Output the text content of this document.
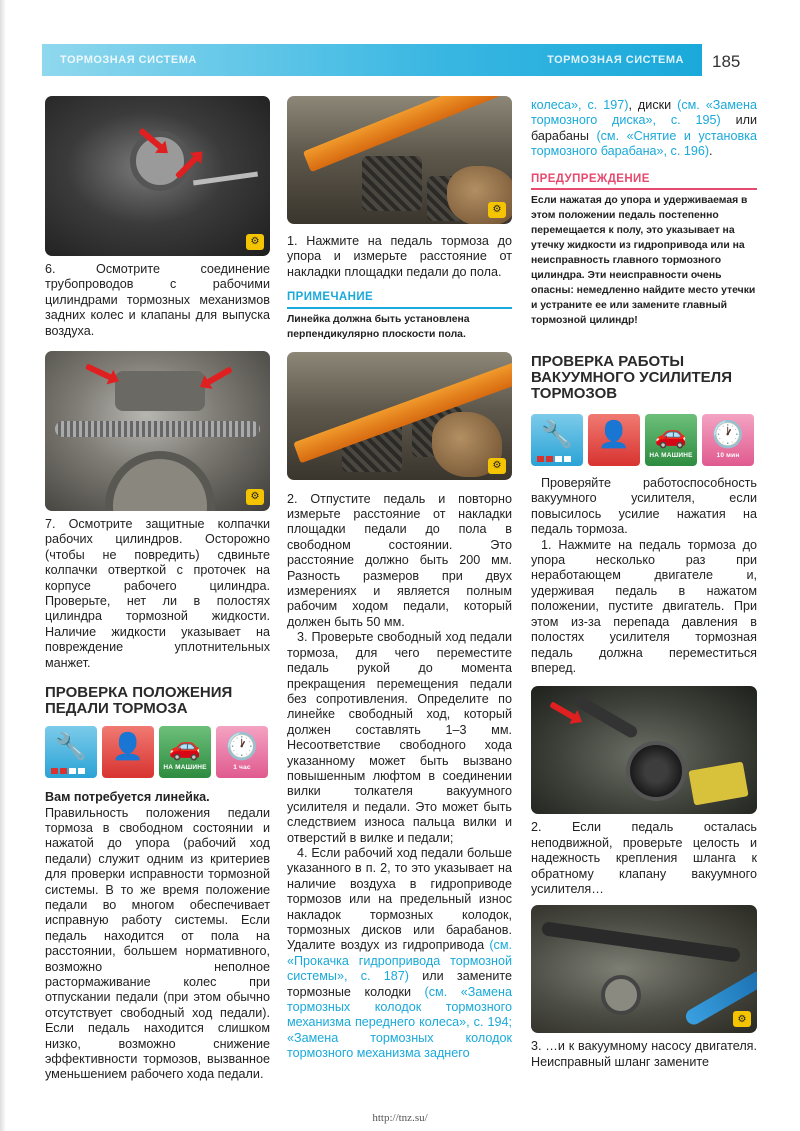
ТОРМОЗНАЯ СИСТЕМА	ТОРМОЗНАЯ СИСТЕМА 185
⚙

6. Осмотрите соединение трубопроводов с рабочими цилиндрами тормозных механизмов задних колес и клапаны для выпуска воздуха.

⚙

7. Осмотрите защитные колпачки рабочих цилиндров. Осторожно (чтобы не повредить) сдвиньте колпачки отверткой с проточек на корпусе рабочего цилиндра. Проверьте, нет ли в полостях цилиндра тормозной жидкости. Наличие жидкости указывает на повреждение уплотнительных манжет.

ПРОВЕРКА ПОЛОЖЕНИЯ ПЕДАЛИ ТОРМОЗА
🔧 👤 🚗
НА МАШИНЕ
🕐
1 час

Вам потребуется линейка.

Правильность положения педали тормоза в свободном состоянии и нажатой до упора (рабочий ход педали) служит одним из критериев для проверки исправности тормозной системы. В то же время положение педали во многом обеспечивает исправную работу системы. Если педаль находится от пола на расстоянии, большем нормативного, возможно неполное растормаживание колес при отпускании педали (при этом обычно отсутствует свободный ход педали). Если педаль находится слишком низко, возможно снижение эффективности тормозов, вызванное уменьшением рабочего хода педали.

⚙

1. Нажмите на педаль тормоза до упора и измерьте расстояние от накладки площадки педали до пола.

ПРИМЕЧАНИЕ
Линейка должна быть установлена перпендикулярно плоскости пола.
⚙

2. Отпустите педаль и повторно измерьте расстояние от накладки площадки педали до пола в свободном состоянии. Это расстояние должно быть 200 мм. Разность размеров при двух измерениях и является полным рабочим ходом педали, который должен быть 50 мм.

3. Проверьте свободный ход педали тормоза, для чего переместите педаль рукой до момента прекращения перемещения педали без сопротивления. Определите по линейке свободный ход, который должен составлять 1–3 мм. Несоответствие свободного хода указанному может быть вызвано повышенным люфтом в соединении вилки толкателя вакуумного усилителя и педали. Это может быть следствием износа пальца вилки и отверстий в вилке и педали;

4. Если рабочий ход педали больше указанного в п. 2, то это указывает на наличие воздуха в гидроприводе тормозов или на предельный износ накладок тормозных колодок, тормозных дисков или барабанов. Удалите воздух из гидропривода (см. «Прокачка гидропривода тормозной системы», с. 187) или замените тормозные колодки (см. «Замена тормозных колодок тормозного механизма переднего колеса», с. 194; «Замена тормозных колодок тормозного механизма заднего

колеса», с. 197), диски (см. «Замена тормозного диска», с. 195) или барабаны (см. «Снятие и установка тормозного барабана», с. 196).

ПРЕДУПРЕЖДЕНИЕ
Если нажатая до упора и удерживаемая в этом положении педаль постепенно перемещается к полу, это указывает на утечку жидкости из гидропривода или на неисправность главного тормозного цилиндра. Эти неисправности очень опасны: немедленно найдите место утечки и устраните ее или замените главный тормозной цилиндр!
ПРОВЕРКА РАБОТЫ ВАКУУМНОГО УСИЛИТЕЛЯ ТОРМОЗОВ
🔧 👤 🚗
НА МАШИНЕ
🕐
10 мин

Проверяйте работоспособность вакуумного усилителя, если повысилось усилие нажатия на педаль тормоза.

1. Нажмите на педаль тормоза до упора несколько раз при неработающем двигателе и, удерживая педаль в нажатом положении, пустите двигатель. При этом из-за перепада давления в полостях усилителя тормозная педаль должна переместиться вперед.

2. Если педаль осталась неподвижной, проверьте целость и надежность крепления шланга к обратному клапану вакуумного усилителя…

⚙

3. …и к вакуумному насосу двигателя. Неисправный шланг замените

http://tnz.su/
